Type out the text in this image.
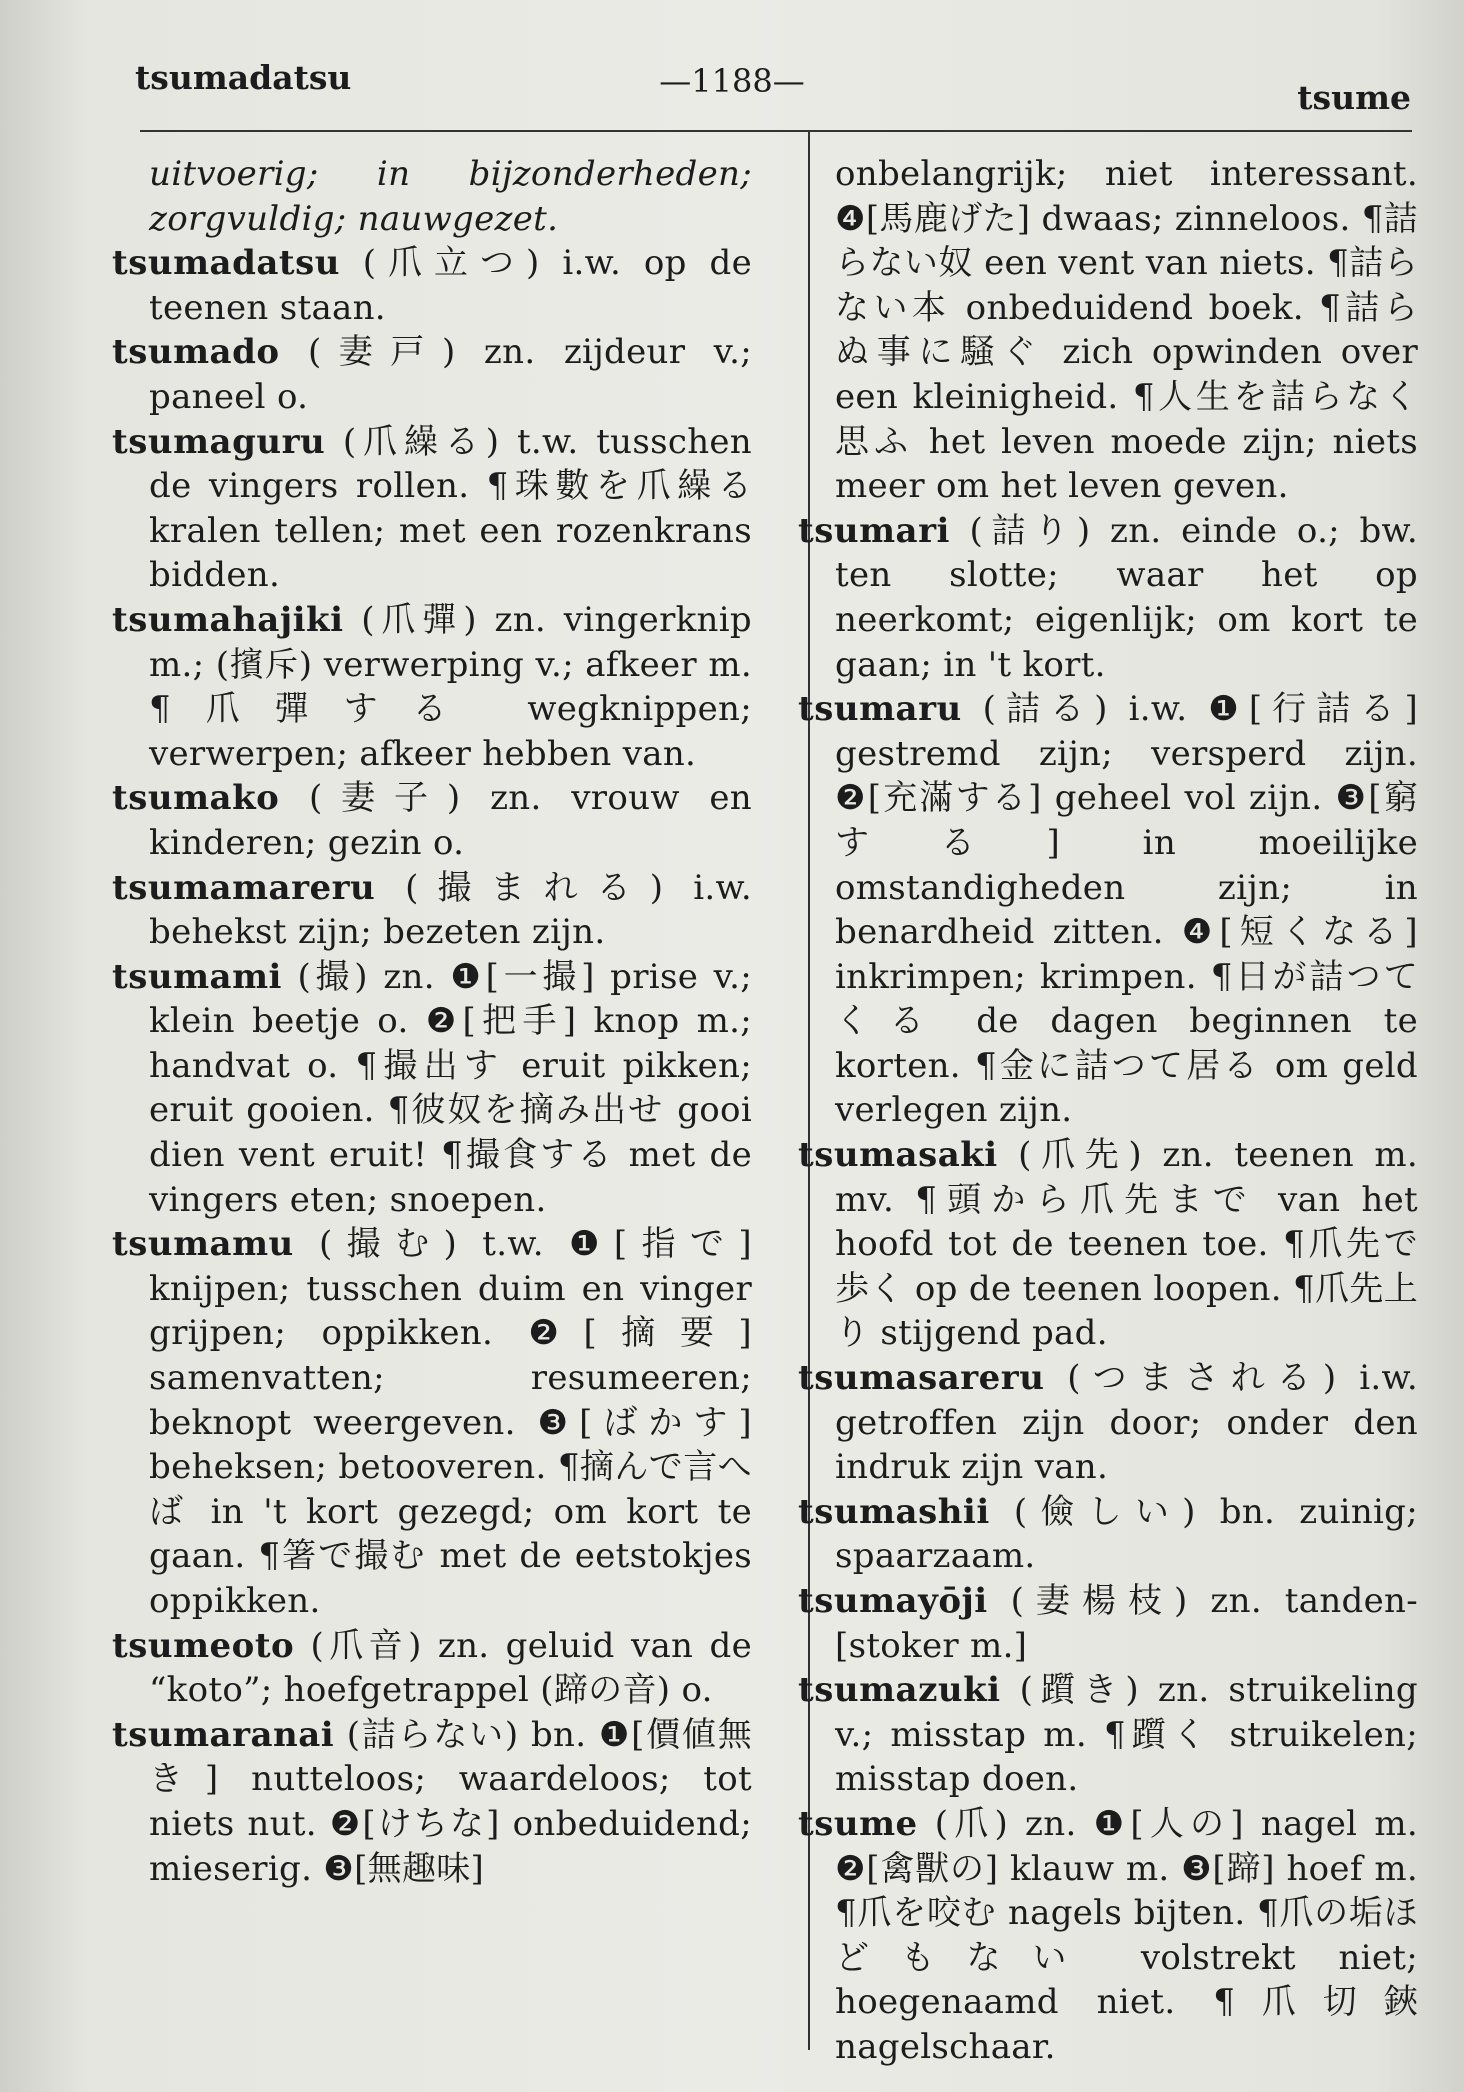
tsumadatsu	—1188—	tsume

uitvoerig; in bijzonderheden; zorgvuldig; nauwgezet.

tsumadatsu (爪立つ) i.w. op de teenen staan.

tsumado (妻戸) zn. zijdeur v.; paneel o.

tsumaguru (爪繰る) t.w. tusschen de vingers rollen. ¶珠數を爪繰る kralen tellen; met een rozenkrans bidden.

tsumahajiki (爪彈) zn. vingerknip m.; (擯斥) verwerping v.; afkeer m. ¶爪彈する wegknippen; verwerpen; afkeer hebben van.

tsumako (妻子) zn. vrouw en kinderen; gezin o.

tsumamareru (撮まれる) i.w. behekst zijn; bezeten zijn.

tsumami (撮) zn. ❶[一撮] prise v.; klein beetje o. ❷[把手] knop m.; handvat o. ¶撮出す eruit pikken; eruit gooien. ¶彼奴を摘み出せ gooi dien vent eruit! ¶撮食する met de vingers eten; snoepen.

tsumamu (撮む) t.w. ❶[指で] knijpen; tusschen duim en vinger grijpen; oppikken. ❷[摘要] samenvatten; resumeeren; beknopt weergeven. ❸[ばかす] beheksen; betooveren. ¶摘んで言へば in 't kort gezegd; om kort te gaan. ¶箸で撮む met de eetstokjes oppikken.

tsumeoto (爪音) zn. geluid van de “koto”; hoefgetrappel (蹄の音) o.

tsumaranai (詰らない) bn. ❶[價値無き] nutteloos; waardeloos; tot niets nut. ❷[けちな] onbeduidend; mieserig. ❸[無趣味]

onbelangrijk; niet interessant. ❹[馬鹿げた] dwaas; zinneloos. ¶詰らない奴 een vent van niets. ¶詰らない本 onbeduidend boek. ¶詰らぬ事に騒ぐ zich opwinden over een kleinigheid. ¶人生を詰らなく思ふ het leven moede zijn; niets meer om het leven geven.

tsumari (詰り) zn. einde o.; bw. ten slotte; waar het op neerkomt; eigenlijk; om kort te gaan; in 't kort.

tsumaru (詰る) i.w. ❶[行詰る] gestremd zijn; versperd zijn. ❷[充滿する] geheel vol zijn. ❸[窮する] in moeilijke omstandigheden zijn; in benardheid zitten. ❹[短くなる] inkrimpen; krimpen. ¶日が詰つてくる de dagen beginnen te korten. ¶金に詰つて居る om geld verlegen zijn.

tsumasaki (爪先) zn. teenen m. mv. ¶頭から爪先まで van het hoofd tot de teenen toe. ¶爪先で歩く op de teenen loopen. ¶爪先上り stijgend pad.

tsumasareru (つまされる) i.w. getroffen zijn door; onder den indruk zijn van.

tsumashii (儉しい) bn. zuinig; spaarzaam.

tsumayōji (妻楊枝) zn. tanden- [stoker m.]

tsumazuki (躓き) zn. struikeling v.; misstap m. ¶躓く struikelen; misstap doen.

tsume (爪) zn. ❶[人の] nagel m. ❷[禽獸の] klauw m. ❸[蹄] hoef m. ¶爪を咬む nagels bijten. ¶爪の垢ほどもない volstrekt niet; hoegenaamd niet. ¶爪切鋏 nagelschaar.
